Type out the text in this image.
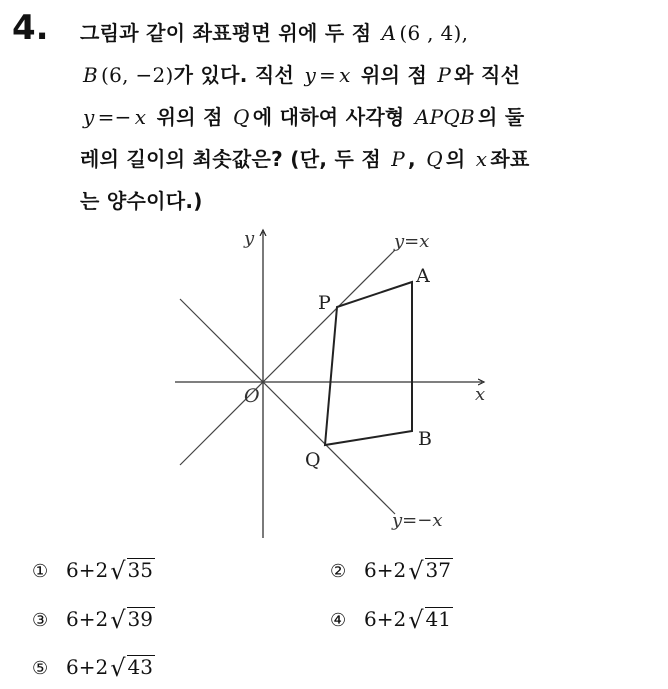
4. 그림과 같이 좌표평면 위에 두 점 A (6 , 4),
B (6, −2)가 있다. 직선 y = x 위의 점 P 와 직선
y =− x 위의 점 Q 에 대하여 사각형 APQB 의 둘
레의 길이의 최솟값은? (단, 두 점 P , Q 의 x 좌표
는 양수이다.)
x
y
O
y=x
y=−x
A
B
P
Q
① 6+2√ 35	② 6+2√ 37
③ 6+2√ 39	④ 6+2√ 41
⑤ 6+2√ 43
